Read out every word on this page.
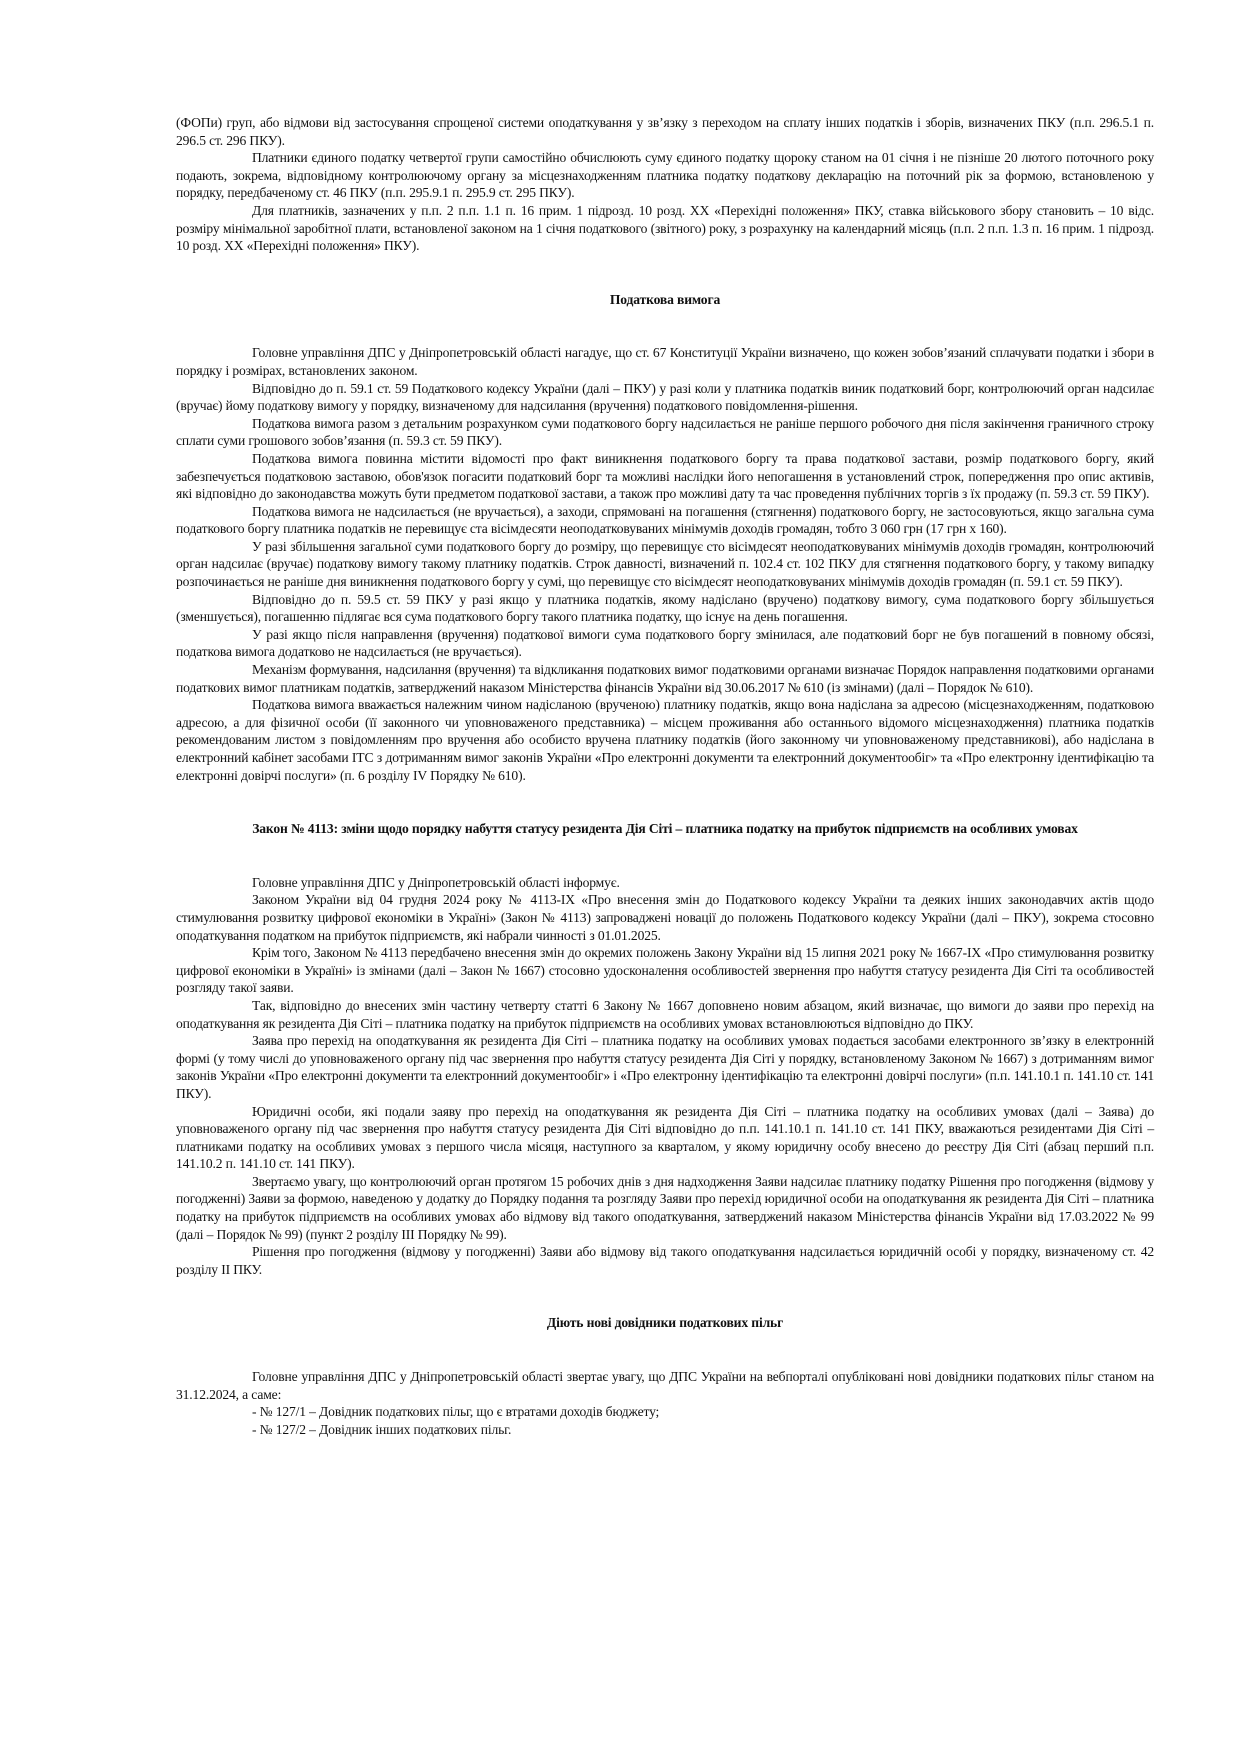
(ФОПи) груп, або відмови від застосування спрощеної системи оподаткування у зв’язку з переходом на сплату інших податків і зборів, визначених ПКУ (п.п. 296.5.1 п. 296.5 ст. 296 ПКУ).

Платники єдиного податку четвертої групи самостійно обчислюють суму єдиного податку щороку станом на 01 січня і не пізніше 20 лютого поточного року подають, зокрема, відповідному контролюючому органу за місцезнаходженням платника податку податкову декларацію на поточний рік за формою, встановленою у порядку, передбаченому ст. 46 ПКУ (п.п. 295.9.1 п. 295.9 ст. 295 ПКУ).

Для платників, зазначених у п.п. 2 п.п. 1.1 п. 16 прим. 1 підрозд. 10 розд. XX «Перехідні положення» ПКУ, ставка військового збору становить – 10 відс. розміру мінімальної заробітної плати, встановленої законом на 1 січня податкового (звітного) року, з розрахунку на календарний місяць (п.п. 2 п.п. 1.3 п. 16 прим. 1 підрозд. 10 розд. XX «Перехідні положення» ПКУ).

Податкова вимога

Головне управління ДПС у Дніпропетровській області нагадує, що ст. 67 Конституції України визначено, що кожен зобов’язаний сплачувати податки і збори в порядку і розмірах, встановлених законом.

Відповідно до п. 59.1 ст. 59 Податкового кодексу України (далі – ПКУ) у разі коли у платника податків виник податковий борг, контролюючий орган надсилає (вручає) йому податкову вимогу у порядку, визначеному для надсилання (вручення) податкового повідомлення-рішення.

Податкова вимога разом з детальним розрахунком суми податкового боргу надсилається не раніше першого робочого дня після закінчення граничного строку сплати суми грошового зобов’язання (п. 59.3 ст. 59 ПКУ).

Податкова вимога повинна містити відомості про факт виникнення податкового боргу та права податкової застави, розмір податкового боргу, який забезпечується податковою заставою, обов'язок погасити податковий борг та можливі наслідки його непогашення в установлений строк, попередження про опис активів, які відповідно до законодавства можуть бути предметом податкової застави, а також про можливі дату та час проведення публічних торгів з їх продажу (п. 59.3 ст. 59 ПКУ).

Податкова вимога не надсилається (не вручається), а заходи, спрямовані на погашення (стягнення) податкового боргу, не застосовуються, якщо загальна сума податкового боргу платника податків не перевищує ста вісімдесяти неоподатковуваних мінімумів доходів громадян, тобто 3 060 грн (17 грн х 160).

У разі збільшення загальної суми податкового боргу до розміру, що перевищує сто вісімдесят неоподатковуваних мінімумів доходів громадян, контролюючий орган надсилає (вручає) податкову вимогу такому платнику податків. Строк давності, визначений п. 102.4 ст. 102 ПКУ для стягнення податкового боргу, у такому випадку розпочинається не раніше дня виникнення податкового боргу у сумі, що перевищує сто вісімдесят неоподатковуваних мінімумів доходів громадян (п. 59.1 ст. 59 ПКУ).

Відповідно до п. 59.5 ст. 59 ПКУ у разі якщо у платника податків, якому надіслано (вручено) податкову вимогу, сума податкового боргу збільшується (зменшується), погашенню підлягає вся сума податкового боргу такого платника податку, що існує на день погашення.

У разі якщо після направлення (вручення) податкової вимоги сума податкового боргу змінилася, але податковий борг не був погашений в повному обсязі, податкова вимога додатково не надсилається (не вручається).

Механізм формування, надсилання (вручення) та відкликання податкових вимог податковими органами визначає Порядок направлення податковими органами податкових вимог платникам податків, затверджений наказом Міністерства фінансів України від 30.06.2017 № 610 (із змінами) (далі – Порядок № 610).

Податкова вимога вважається належним чином надісланою (врученою) платнику податків, якщо вона надіслана за адресою (місцезнаходженням, податковою адресою, а для фізичної особи (її законного чи уповноваженого представника) – місцем проживання або останнього відомого місцезнаходження) платника податків рекомендованим листом з повідомленням про вручення або особисто вручена платнику податків (його законному чи уповноваженому представникові), або надіслана в електронний кабінет засобами ІТС з дотриманням вимог законів України «Про електронні документи та електронний документообіг» та «Про електронну ідентифікацію та електронні довірчі послуги» (п. 6 розділу IV Порядку № 610).

Закон № 4113: зміни щодо порядку набуття статусу резидента Дія Сіті – платника податку на прибуток підприємств на особливих умовах

Головне управління ДПС у Дніпропетровській області інформує.

Законом України від 04 грудня 2024 року № 4113-IX «Про внесення змін до Податкового кодексу України та деяких інших законодавчих актів щодо стимулювання розвитку цифрової економіки в Україні» (Закон № 4113) запроваджені новації до положень Податкового кодексу України (далі – ПКУ), зокрема стосовно оподаткування податком на прибуток підприємств, які набрали чинності з 01.01.2025.

Крім того, Законом № 4113 передбачено внесення змін до окремих положень Закону України від 15 липня 2021 року № 1667-IX «Про стимулювання розвитку цифрової економіки в Україні» із змінами (далі – Закон № 1667) стосовно удосконалення особливостей звернення про набуття статусу резидента Дія Сіті та особливостей розгляду такої заяви.

Так, відповідно до внесених змін частину четверту статті 6 Закону № 1667 доповнено новим абзацом, який визначає, що вимоги до заяви про перехід на оподаткування як резидента Дія Сіті – платника податку на прибуток підприємств на особливих умовах встановлюються відповідно до ПКУ.

Заява про перехід на оподаткування як резидента Дія Сіті – платника податку на особливих умовах подається засобами електронного зв’язку в електронній формі (у тому числі до уповноваженого органу під час звернення про набуття статусу резидента Дія Сіті у порядку, встановленому Законом № 1667) з дотриманням вимог законів України «Про електронні документи та електронний документообіг» і «Про електронну ідентифікацію та електронні довірчі послуги» (п.п. 141.10.1 п. 141.10 ст. 141 ПКУ).

Юридичні особи, які подали заяву про перехід на оподаткування як резидента Дія Сіті – платника податку на особливих умовах (далі – Заява) до уповноваженого органу під час звернення про набуття статусу резидента Дія Сіті відповідно до п.п. 141.10.1 п. 141.10 ст. 141 ПКУ, вважаються резидентами Дія Сіті – платниками податку на особливих умовах з першого числа місяця, наступного за кварталом, у якому юридичну особу внесено до реєстру Дія Сіті (абзац перший п.п. 141.10.2 п. 141.10 ст. 141 ПКУ).

Звертаємо увагу, що контролюючий орган протягом 15 робочих днів з дня надходження Заяви надсилає платнику податку Рішення про погодження (відмову у погодженні) Заяви за формою, наведеною у додатку до Порядку подання та розгляду Заяви про перехід юридичної особи на оподаткування як резидента Дія Сіті – платника податку на прибуток підприємств на особливих умовах або відмову від такого оподаткування, затверджений наказом Міністерства фінансів України від 17.03.2022 № 99 (далі – Порядок № 99) (пункт 2 розділу III Порядку № 99).

Рішення про погодження (відмову у погодженні) Заяви або відмову від такого оподаткування надсилається юридичній особі у порядку, визначеному ст. 42 розділу II ПКУ.

Діють нові довідники податкових пільг

Головне управління ДПС у Дніпропетровській області звертає увагу, що ДПС України на вебпорталі опубліковані нові довідники податкових пільг станом на 31.12.2024, а саме:

- № 127/1 – Довідник податкових пільг, що є втратами доходів бюджету;

- № 127/2 – Довідник інших податкових пільг.
